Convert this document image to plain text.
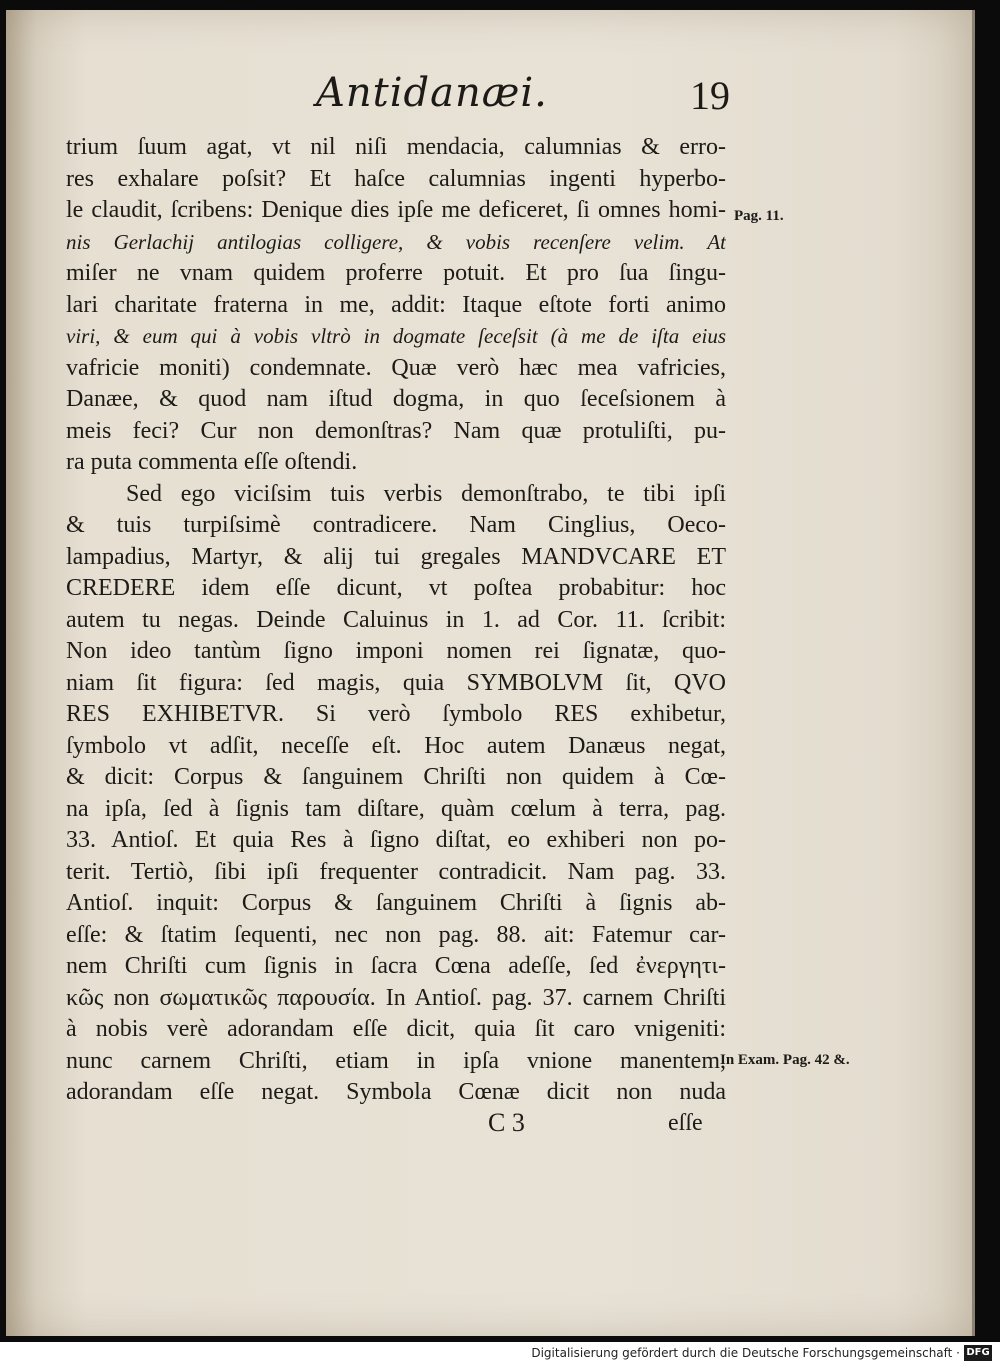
Antidanæi.	19
trium ſuum agat, vt nil niſi mendacia, calumnias & erro-
res exhalare poſsit? Et haſce calumnias ingenti hyperbo-
le claudit, ſcribens: Denique dies ipſe me deficeret, ſi omnes homi-
nis Gerlachij antilogias colligere, & vobis recenſere velim. At
miſer ne vnam quidem proferre potuit. Et pro ſua ſingu-
lari charitate fraterna in me, addit: Itaque eſtote forti animo
viri, & eum qui à vobis vltrò in dogmate ſeceſsit (à me de iſta eius
vafricie moniti) condemnate. Quæ verò hæc mea vafricies,
Danæe, & quod nam iſtud dogma, in quo ſeceſsionem à
meis feci? Cur non demonſtras? Nam quæ protuliſti, pu-
ra puta commenta eſſe oſtendi.
Sed ego viciſsim tuis verbis demonſtrabo, te tibi ipſi
& tuis turpiſsimè contradicere. Nam Cinglius, Oeco-
lampadius, Martyr, & alij tui gregales MANDVCARE ET
CREDERE idem eſſe dicunt, vt poſtea probabitur: hoc
autem tu negas. Deinde Caluinus in 1. ad Cor. 11. ſcribit:
Non ideo tantùm ſigno imponi nomen rei ſignatæ, quo-
niam ſit figura: ſed magis, quia SYMBOLVM ſit, QVO
RES EXHIBETVR. Si verò ſymbolo RES exhibetur,
ſymbolo vt adſit, neceſſe eſt. Hoc autem Danæus negat,
& dicit: Corpus & ſanguinem Chriſti non quidem à Cœ-
na ipſa, ſed à ſignis tam diſtare, quàm cœlum à terra, pag.
33. Antioſ. Et quia Res à ſigno diſtat, eo exhiberi non po-
terit. Tertiò, ſibi ipſi frequenter contradicit. Nam pag. 33.
Antioſ. inquit: Corpus & ſanguinem Chriſti à ſignis ab-
eſſe: & ſtatim ſequenti, nec non pag. 88. ait: Fatemur car-
nem Chriſti cum ſignis in ſacra Cœna adeſſe, ſed ἐνεργητι-
κῶς non σωματικῶς παρουσία. In Antioſ. pag. 37. carnem Chriſti
à nobis verè adorandam eſſe dicit, quia ſit caro vnigeniti:
nunc carnem Chriſti, etiam in ipſa vnione manentem,
adorandam eſſe negat. Symbola Cœnæ dicit non nuda
Pag. 11.
In Exam. Pag. 42 &.
C 3	eſſe
Digitalisierung gefördert durch die Deutsche Forschungsgemeinschaft · DFG
